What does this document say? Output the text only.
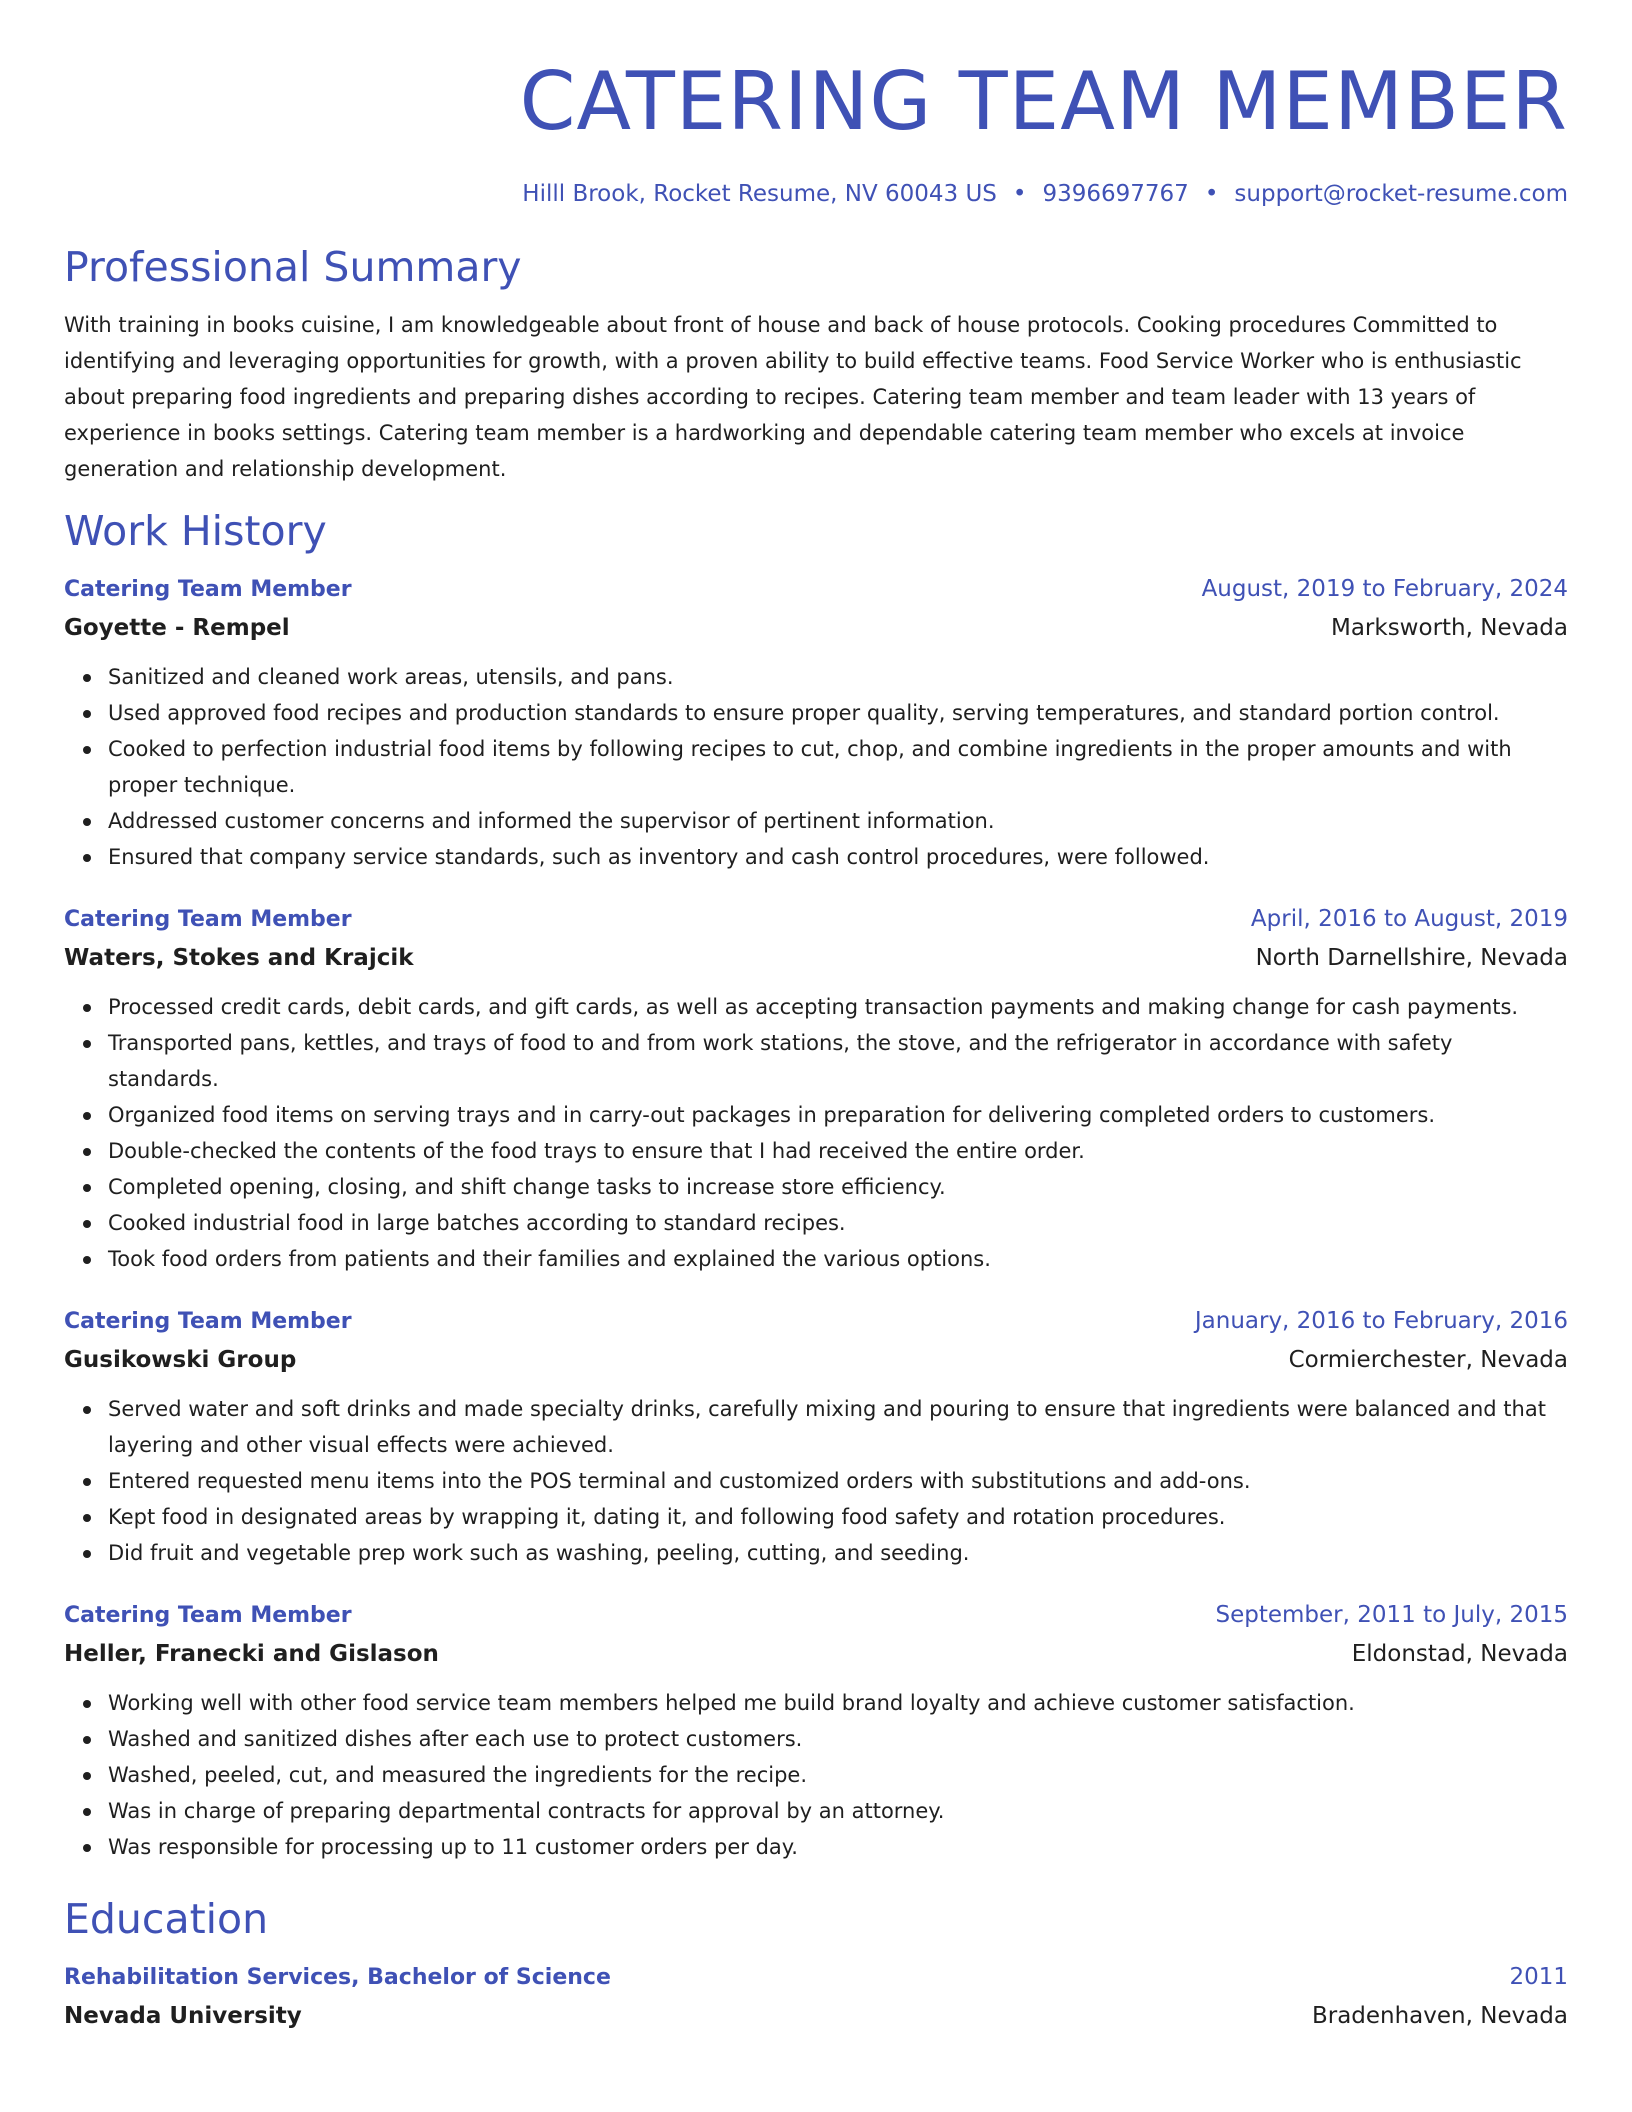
CATERING TEAM MEMBER
Hilll Brook, Rocket Resume, NV 60043 US • 9396697767 • support@rocket-resume.com
Professional Summary

With training in books cuisine, I am knowledgeable about front of house and back of house protocols. Cooking procedures Committed to identifying and leveraging opportunities for growth, with a proven ability to build effective teams. Food Service Worker who is enthusiastic about preparing food ingredients and preparing dishes according to recipes. Catering team member and team leader with 13 years of experience in books settings. Catering team member is a hardworking and dependable catering team member who excels at invoice generation and relationship development.

Work History
Catering Team Member	August, 2019 to February, 2024
Goyette - Rempel	Marksworth, Nevada
Sanitized and cleaned work areas, utensils, and pans.
Used approved food recipes and production standards to ensure proper quality, serving temperatures, and standard portion control.
Cooked to perfection industrial food items by following recipes to cut, chop, and combine ingredients in the proper amounts and with proper technique.
Addressed customer concerns and informed the supervisor of pertinent information.
Ensured that company service standards, such as inventory and cash control procedures, were followed.
Catering Team Member	April, 2016 to August, 2019
Waters, Stokes and Krajcik	North Darnellshire, Nevada
Processed credit cards, debit cards, and gift cards, as well as accepting transaction payments and making change for cash payments.
Transported pans, kettles, and trays of food to and from work stations, the stove, and the refrigerator in accordance with safety standards.
Organized food items on serving trays and in carry-out packages in preparation for delivering completed orders to customers.
Double-checked the contents of the food trays to ensure that I had received the entire order.
Completed opening, closing, and shift change tasks to increase store efficiency.
Cooked industrial food in large batches according to standard recipes.
Took food orders from patients and their families and explained the various options.
Catering Team Member	January, 2016 to February, 2016
Gusikowski Group	Cormierchester, Nevada
Served water and soft drinks and made specialty drinks, carefully mixing and pouring to ensure that ingredients were balanced and that layering and other visual effects were achieved.
Entered requested menu items into the POS terminal and customized orders with substitutions and add-ons.
Kept food in designated areas by wrapping it, dating it, and following food safety and rotation procedures.
Did fruit and vegetable prep work such as washing, peeling, cutting, and seeding.
Catering Team Member	September, 2011 to July, 2015
Heller, Franecki and Gislason	Eldonstad, Nevada
Working well with other food service team members helped me build brand loyalty and achieve customer satisfaction.
Washed and sanitized dishes after each use to protect customers.
Washed, peeled, cut, and measured the ingredients for the recipe.
Was in charge of preparing departmental contracts for approval by an attorney.
Was responsible for processing up to 11 customer orders per day.
Education
Rehabilitation Services, Bachelor of Science	2011
Nevada University	Bradenhaven, Nevada
